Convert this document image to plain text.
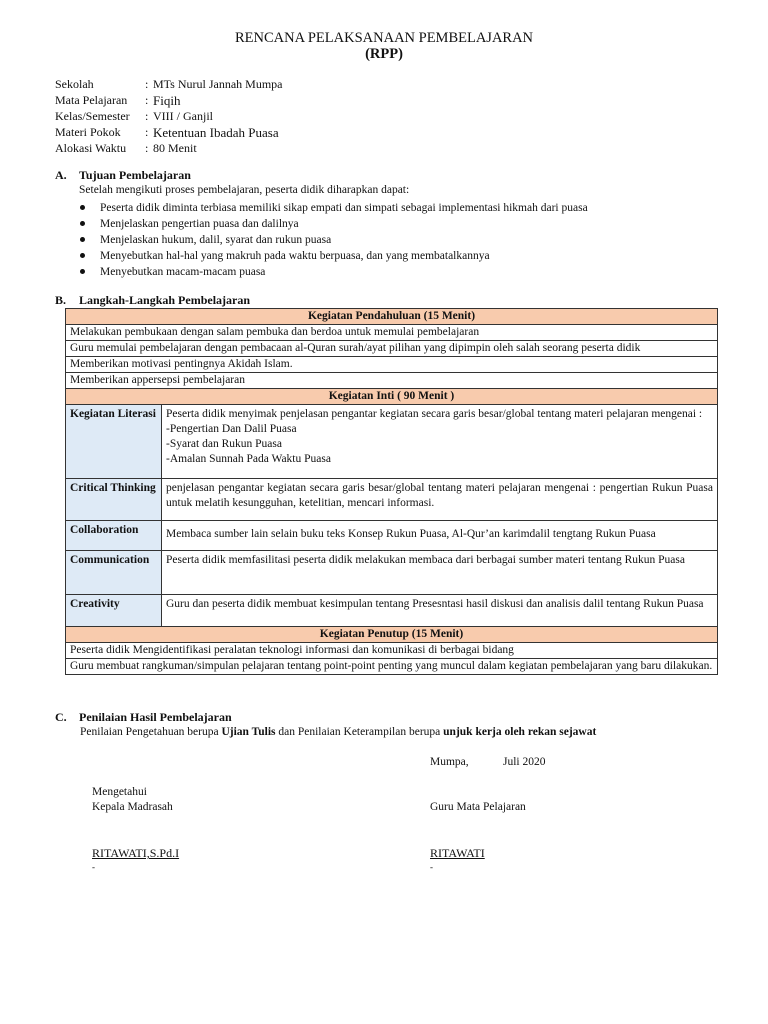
RENCANA PELAKSANAAN PEMBELAJARAN
(RPP)
Sekolah	: MTs Nurul Jannah Mumpa
Mata Pelajaran	: Fiqih
Kelas/Semester	: VIII / Ganjil
Materi Pokok	: Ketentuan Ibadah Puasa
Alokasi Waktu	: 80 Menit
A. Tujuan Pembelajaran
Setelah mengikuti proses pembelajaran, peserta didik diharapkan dapat:
Peserta didik diminta terbiasa memiliki sikap empati dan simpati sebagai implementasi hikmah dari puasa
Menjelaskan pengertian puasa dan dalilnya
Menjelaskan hukum, dalil, syarat dan rukun puasa
Menyebutkan hal-hal yang makruh pada waktu berpuasa, dan yang membatalkannya
Menyebutkan macam-macam puasa
B. Langkah-Langkah Pembelajaran
Kegiatan Pendahuluan (15 Menit)	
Melakukan pembukaan dengan salam pembuka dan berdoa untuk memulai pembelajaran	
Guru memulai pembelajaran dengan pembacaan al-Quran surah/ayat pilihan yang dipimpin oleh salah seorang peserta didik	
Memberikan motivasi pentingnya Akidah Islam.	
Memberikan appersepsi pembelajaran	
Kegiatan Inti ( 90 Menit )	
Kegiatan Literasi	Peserta didik menyimak penjelasan pengantar kegiatan secara garis besar/global tentang materi pelajaran mengenai :
-Pengertian Dan Dalil Puasa
-Syarat dan Rukun Puasa
-Amalan Sunnah Pada Waktu Puasa

Critical Thinking	penjelasan pengantar kegiatan secara garis besar/global tentang materi pelajaran mengenai : pengertian Rukun Puasa untuk melatih kesungguhan, ketelitian, mencari informasi.
Collaboration	Membaca sumber lain selain buku teks Konsep Rukun Puasa, Al-Qur’an karimdalil tengtang Rukun Puasa
Communication	Peserta didik memfasilitasi peserta didik melakukan membaca dari berbagai sumber materi tentang Rukun Puasa
Creativity	Guru dan peserta didik membuat kesimpulan tentang Presesntasi hasil diskusi dan analisis dalil tentang Rukun Puasa
Kegiatan Penutup (15 Menit)	
Peserta didik Mengidentifikasi peralatan teknologi informasi dan komunikasi di berbagai bidang	
Guru membuat rangkuman/simpulan pelajaran tentang point-point penting yang muncul dalam kegiatan pembelajaran yang baru dilakukan.	
C. Penilaian Hasil Pembelajaran
Penilaian Pengetahuan berupa Ujian Tulis dan Penilaian Keterampilan berupa unjuk kerja oleh rekan sejawat
Mumpa,	Juli 2020
Mengetahui
Kepala Madrasah	Guru Mata Pelajaran
RITAWATI,S.Pd.I	RITAWATI
-	-
